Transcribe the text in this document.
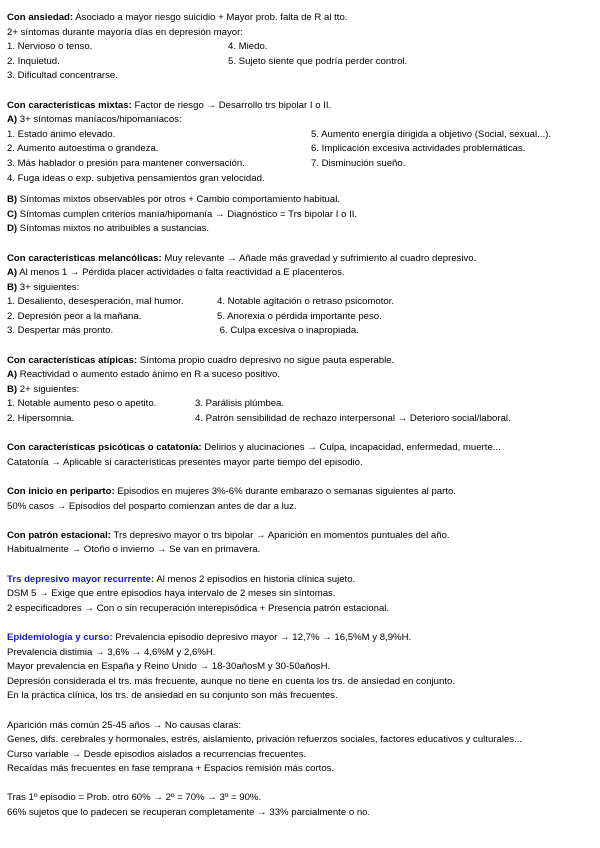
Con ansiedad: Asociado a mayor riesgo suicidio + Mayor prob. falta de R al tto.
2+ síntomas durante mayoría días en depresión mayor:
1. Nervioso o tenso.	4. Miedo.
2. Inquietud.	5. Sujeto siente que podría perder control.
3. Dificultad concentrarse.
Con características mixtas: Factor de riesgo → Desarrollo trs bipolar I o II.
A) 3+ síntomas maníacos/hipomaníacos:
1. Estado ánimo elevado.	5. Aumento energía dirigida a objetivo (Social, sexual...).
2. Aumento autoestima o grandeza.	6. Implicación excesiva actividades problemáticas.
3. Más hablador o presión para mantener conversación.	7. Disminución sueño.
4. Fuga ideas o exp. subjetiva pensamientos gran velocidad.
B) Síntomas mixtos observables por otros + Cambio comportamiento habitual.
C) Síntomas cumplen criterios manía/hipomanía → Diagnóstico = Trs bipolar I o II.
D) Síntomas mixtos no atribuibles a sustancias.
Con características melancólicas: Muy relevante → Añade más gravedad y sufrimiento al cuadro depresivo.
A) Al menos 1 → Pérdida placer actividades o falta reactividad a E placenteros.
B) 3+ siguientes:
1. Desaliento, desesperación, mal humor.	4. Notable agitación o retraso psicomotor.
2. Depresión peor a la mañana.	5. Anorexia o pérdida importante peso.
3. Despertar más pronto.	6. Culpa excesiva o inapropiada.
Con características atípicas: Síntoma propio cuadro depresivo no sigue pauta esperable.
A) Reactividad o aumento estado ánimo en R a suceso positivo.
B) 2+ siguientes:
1. Notable aumento peso o apetito.	3. Parálisis plúmbea.
2. Hipersomnia.	4. Patrón sensibilidad de rechazo interpersonal → Deterioro social/laboral.
Con características psicóticas o catatonía: Delirios y alucinaciones → Culpa, incapacidad, enfermedad, muerte...
Catatonía → Aplicable si características presentes mayor parte tiempo del episodio.
Con inicio en periparto: Episodios en mujeres 3%-6% durante embarazo o semanas siguientes al parto.
50% casos → Episodios del posparto comienzan antes de dar a luz.
Con patrón estacional: Trs depresivo mayor o trs bipolar → Aparición en momentos puntuales del año.
Habitualmente → Otoño o invierno → Se van en primavera.
Trs depresivo mayor recurrente: Al menos 2 episodios en historia clínica sujeto.
DSM 5 → Exige que entre episodios haya intervalo de 2 meses sin síntomas.
2 especificadores → Con o sin recuperación interepisódica + Presencia patrón estacional.
Epidemiología y curso: Prevalencia episodio depresivo mayor → 12,7% → 16,5%M y 8,9%H.
Prevalencia distimia → 3,6% → 4,6%M y 2,6%H.
Mayor prevalencia en España y Reino Unido → 18-30añosM y 30-50añosH.
Depresión considerada el trs. más frecuente, aunque no tiene en cuenta los trs. de ansiedad en conjunto.
En la práctica clínica, los trs. de ansiedad en su conjunto son más frecuentes.
Aparición más común 25-45 años → No causas claras:
Genes, difs. cerebrales y hormonales, estrés, aislamiento, privación refuerzos sociales, factores educativos y culturales...
Curso variable → Desde episodios aislados a recurrencias frecuentes.
Recaídas más frecuentes en fase temprana + Espacios remisión más cortos.
Tras 1º episodio = Prob. otro 60% → 2º = 70% → 3º = 90%.
66% sujetos que lo padecen se recuperan completamente → 33% parcialmente o no.
